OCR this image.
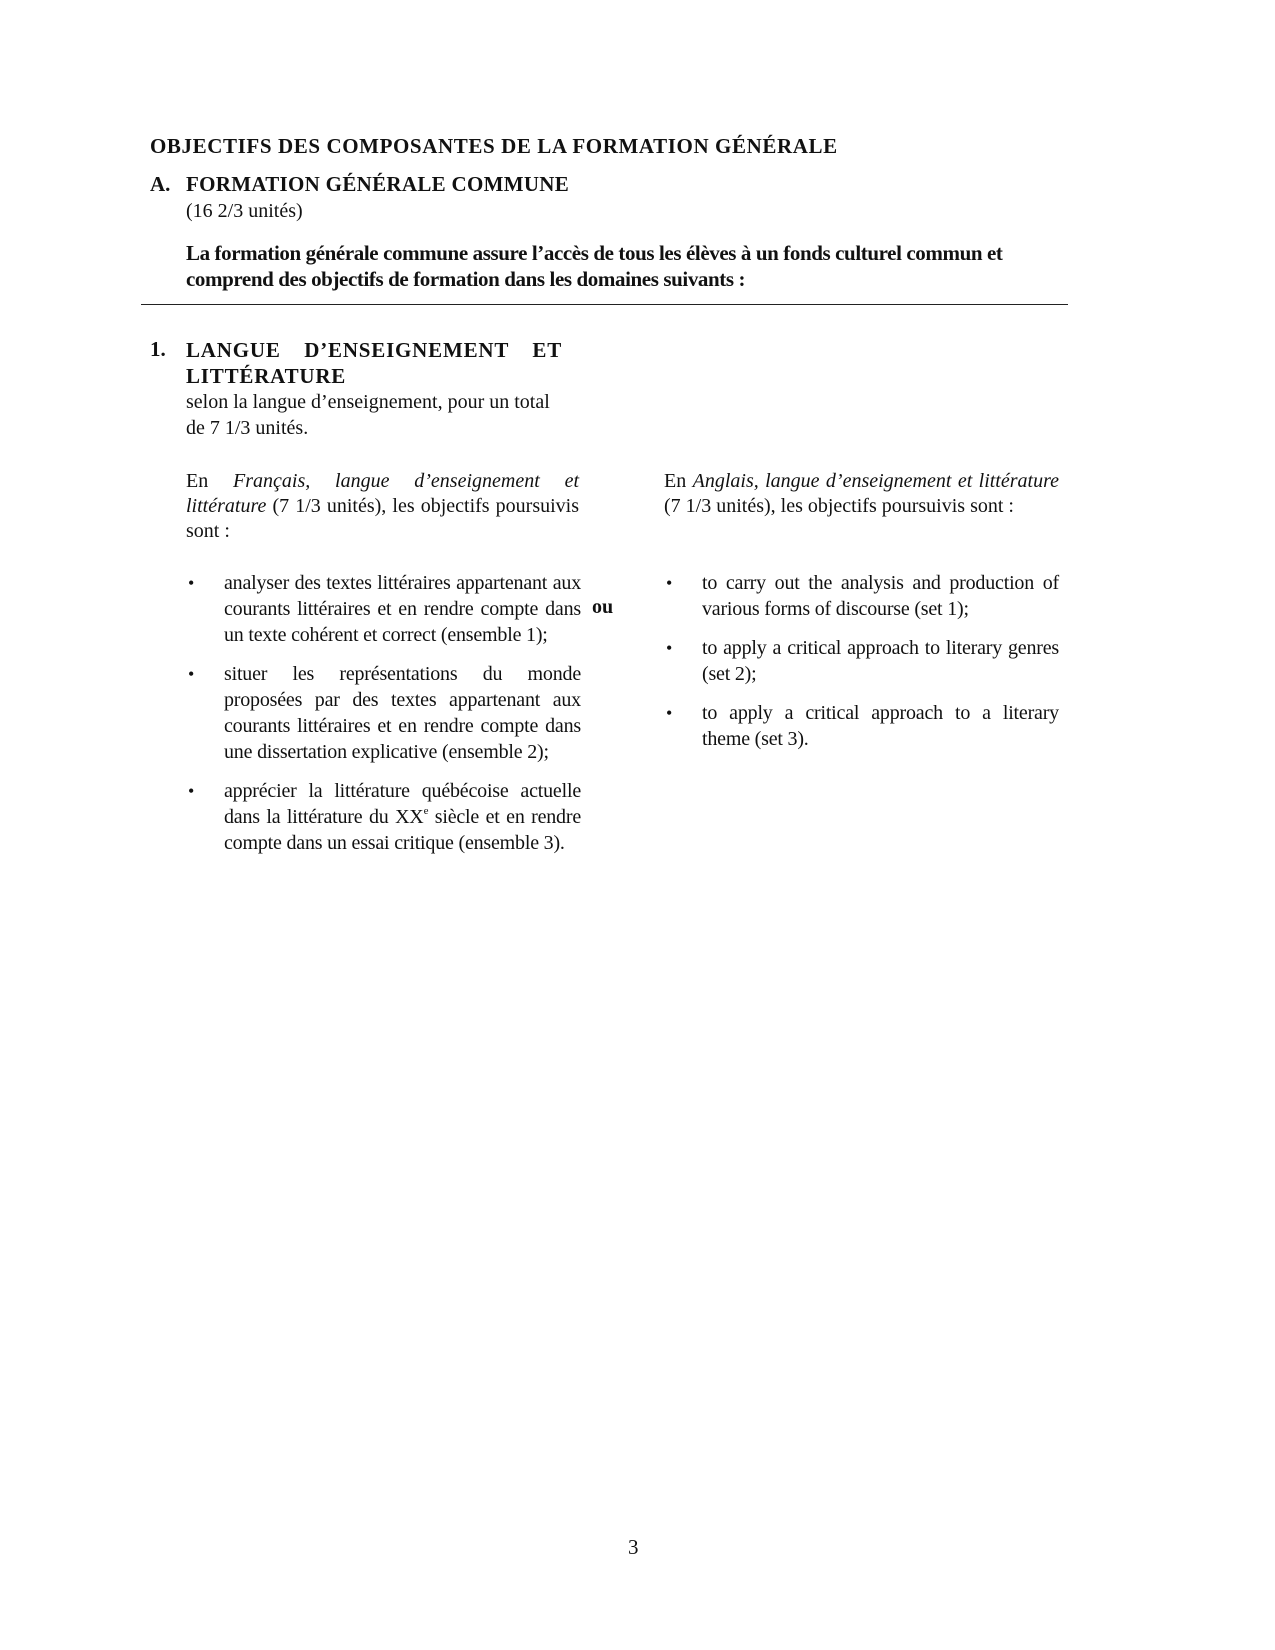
OBJECTIFS DES COMPOSANTES DE LA FORMATION GÉNÉRALE
A. FORMATION GÉNÉRALE COMMUNE
(16 2/3 unités)
La formation générale commune assure l’accès de tous les élèves à un fonds culturel commun et comprend des objectifs de formation dans les domaines suivants :
1. LANGUE D’ENSEIGNEMENT ET LITTÉRATURE
selon la langue d’enseignement, pour un total de 7 1/3 unités.
En Français, langue d’enseignement et littérature (7 1/3 unités), les objectifs poursuivis sont :
En Anglais, langue d’enseignement et littérature (7 1/3 unités), les objectifs poursuivis sont :
• analyser des textes littéraires appartenant aux courants littéraires et en rendre compte dans un texte cohérent et correct (ensemble 1);
• situer les représentations du monde proposées par des textes appartenant aux courants littéraires et en rendre compte dans une dissertation explicative (ensemble 2);
• apprécier la littérature québécoise actuelle dans la littérature du XXe siècle et en rendre compte dans un essai critique (ensemble 3).
ou
• to carry out the analysis and production of various forms of discourse (set 1);
• to apply a critical approach to literary genres (set 2);
• to apply a critical approach to a literary theme (set 3).
3
